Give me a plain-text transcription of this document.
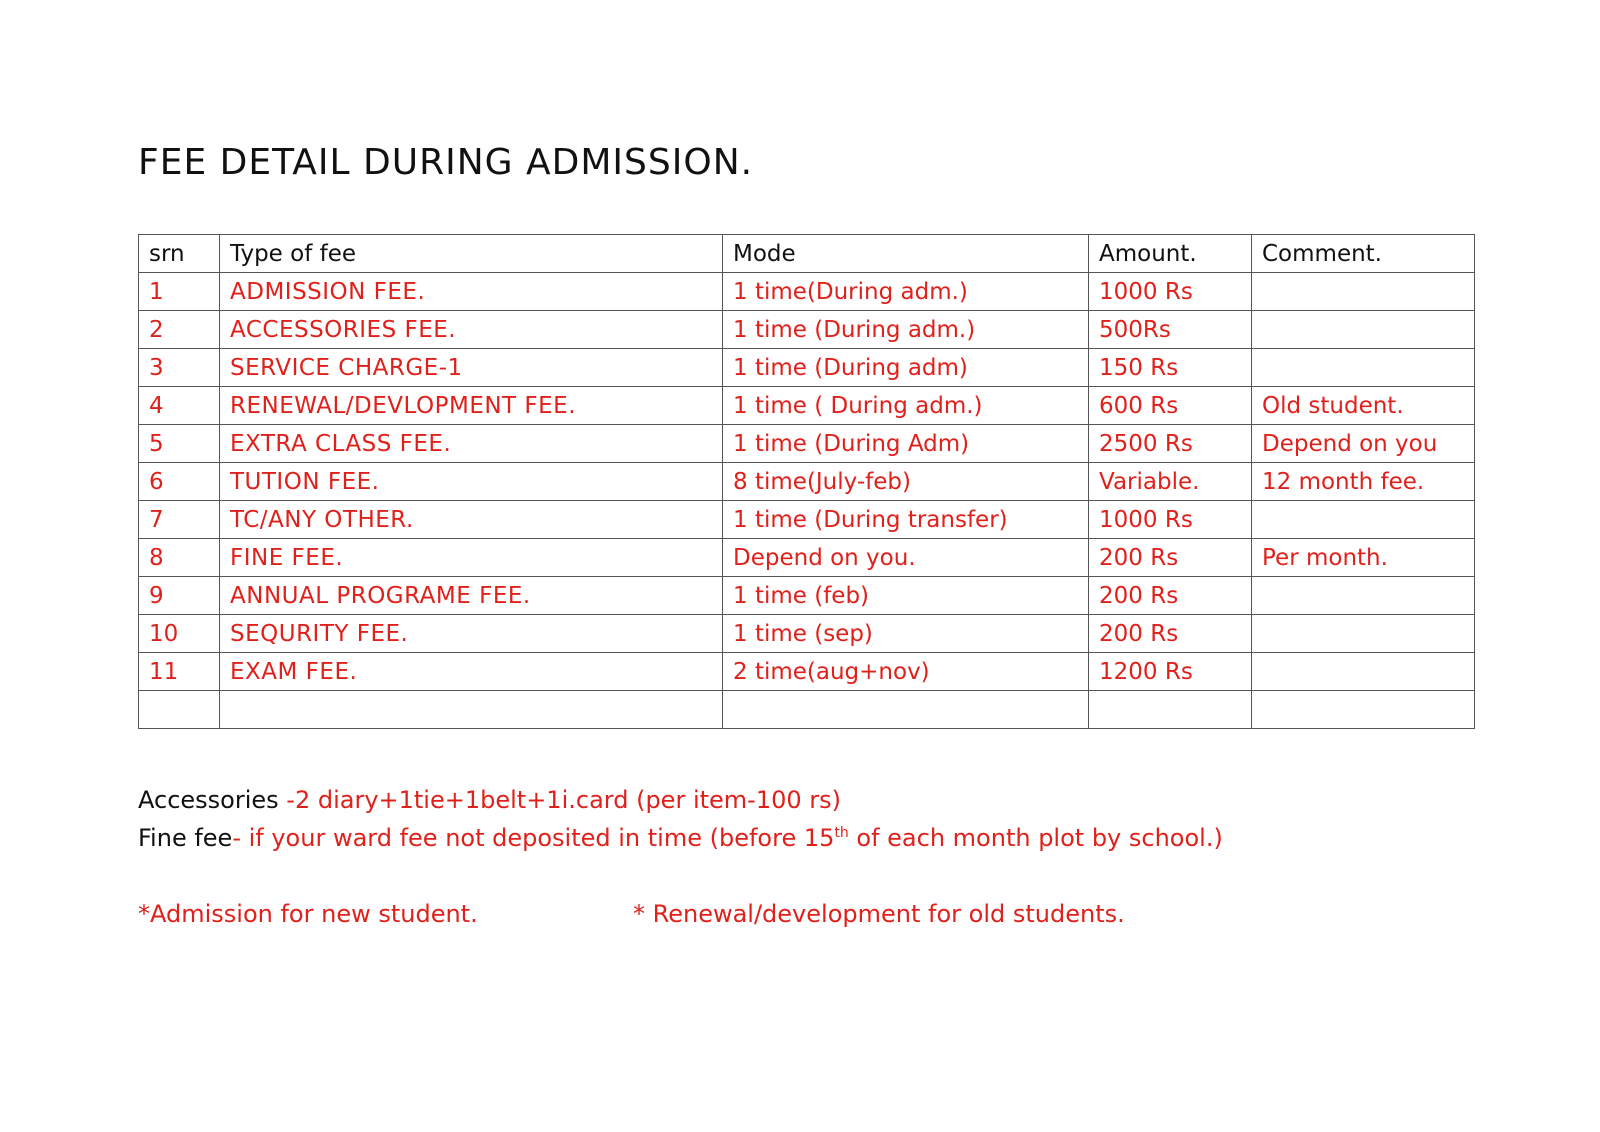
FEE DETAIL DURING ADMISSION.
srn	Type of fee	Mode	Amount.	Comment.
1	ADMISSION FEE.	1 time(During adm.)	1000 Rs	
2	ACCESSORIES FEE.	1 time (During adm.)	500Rs	
3	SERVICE CHARGE-1	1 time (During adm)	150 Rs	
4	RENEWAL/DEVLOPMENT FEE.	1 time ( During adm.)	600 Rs	Old student.
5	EXTRA CLASS FEE.	1 time (During Adm)	2500 Rs	Depend on you
6	TUTION FEE.	8 time(July-feb)	Variable.	12 month fee.
7	TC/ANY OTHER.	1 time (During transfer)	1000 Rs	
8	FINE FEE.	Depend on you.	200 Rs	Per month.
9	ANNUAL PROGRAME FEE.	1 time (feb)	200 Rs	
10	SEQURITY FEE.	1 time (sep)	200 Rs	
11	EXAM FEE.	2 time(aug+nov)	1200 Rs	

Accessories -2 diary+1tie+1belt+1i.card (per item-100 rs)
Fine fee- if your ward fee not deposited in time (before 15th of each month plot by school.)
*Admission for new student.	* Renewal/development for old students.
